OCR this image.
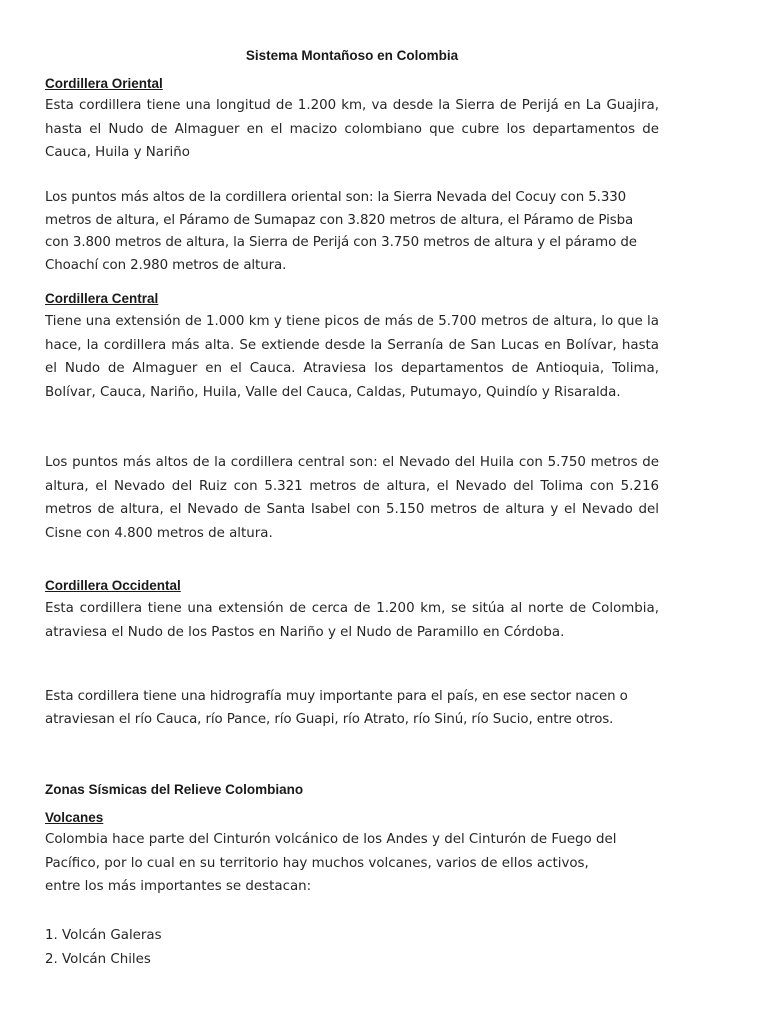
Sistema Montañoso en Colombia
Cordillera Oriental

Esta cordillera tiene una longitud de 1.200 km, va desde la Sierra de Perijá en La Guajira, hasta el Nudo de Almaguer en el macizo colombiano que cubre los departamentos de Cauca, Huila y Nariño

Los puntos más altos de la cordillera oriental son: la Sierra Nevada del Cocuy con 5.330 metros de altura, el Páramo de Sumapaz con 3.820 metros de altura, el Páramo de Pisba con 3.800 metros de altura, la Sierra de Perijá con 3.750 metros de altura y el páramo de Choachí con 2.980 metros de altura.

Cordillera Central

Tiene una extensión de 1.000 km y tiene picos de más de 5.700 metros de altura, lo que la hace, la cordillera más alta. Se extiende desde la Serranía de San Lucas en Bolívar, hasta el Nudo de Almaguer en el Cauca. Atraviesa los departamentos de Antioquia, Tolima, Bolívar, Cauca, Nariño, Huila, Valle del Cauca, Caldas, Putumayo, Quindío y Risaralda.

Los puntos más altos de la cordillera central son: el Nevado del Huila con 5.750 metros de altura, el Nevado del Ruiz con 5.321 metros de altura, el Nevado del Tolima con 5.216 metros de altura, el Nevado de Santa Isabel con 5.150 metros de altura y el Nevado del Cisne con 4.800 metros de altura.

Cordillera Occidental

Esta cordillera tiene una extensión de cerca de 1.200 km, se sitúa al norte de Colombia, atraviesa el Nudo de los Pastos en Nariño y el Nudo de Paramillo en Córdoba.

Esta cordillera tiene una hidrografía muy importante para el país, en ese sector nacen o atraviesan el río Cauca, río Pance, río Guapi, río Atrato, río Sinú, río Sucio, entre otros.

Zonas Sísmicas del Relieve Colombiano
Volcanes

Colombia hace parte del Cinturón volcánico de los Andes y del Cinturón de Fuego del Pacífico, por lo cual en su territorio hay muchos volcanes, varios de ellos activos, entre los más importantes se destacan:

1. Volcán Galeras
2. Volcán Chiles
